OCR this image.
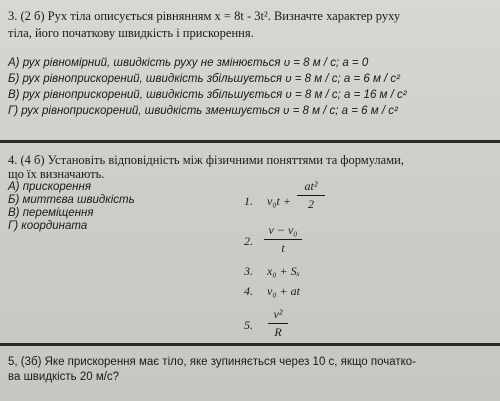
3. (2 б) Рух тіла описується рівнянням x = 8t - 3t². Визначте характер руху
тіла, його початкову швидкість і прискорення.
А) рух рівномірний, швидкість руху не змінюється υ = 8 м / с; а = 0
Б) рух рівноприскорений, швидкість збільшується υ = 8 м / с; а = 6 м / с²
В) рух рівноприскорений, швидкість збільшується υ = 8 м / с; а = 16 м / с²
Г) рух рівноприскорений, швидкість зменшується υ = 8 м / с; а = 6 м / с²
4. (4 б) Установіть відповідність між фізичними поняттями та формулами,
що їх визначають.
А) прискорення
Б) миттєва швидкість
В) переміщення
Г) координата
1. v₀t +
at²
2
2.
v − v₀
t
3. x₀ + Sₓ
4. v₀ + at
5.
v²
R
5, (3б) Яке прискорення має тіло, яке зупиняється через 10 с, якщо початко-
ва швидкість 20 м/с?
